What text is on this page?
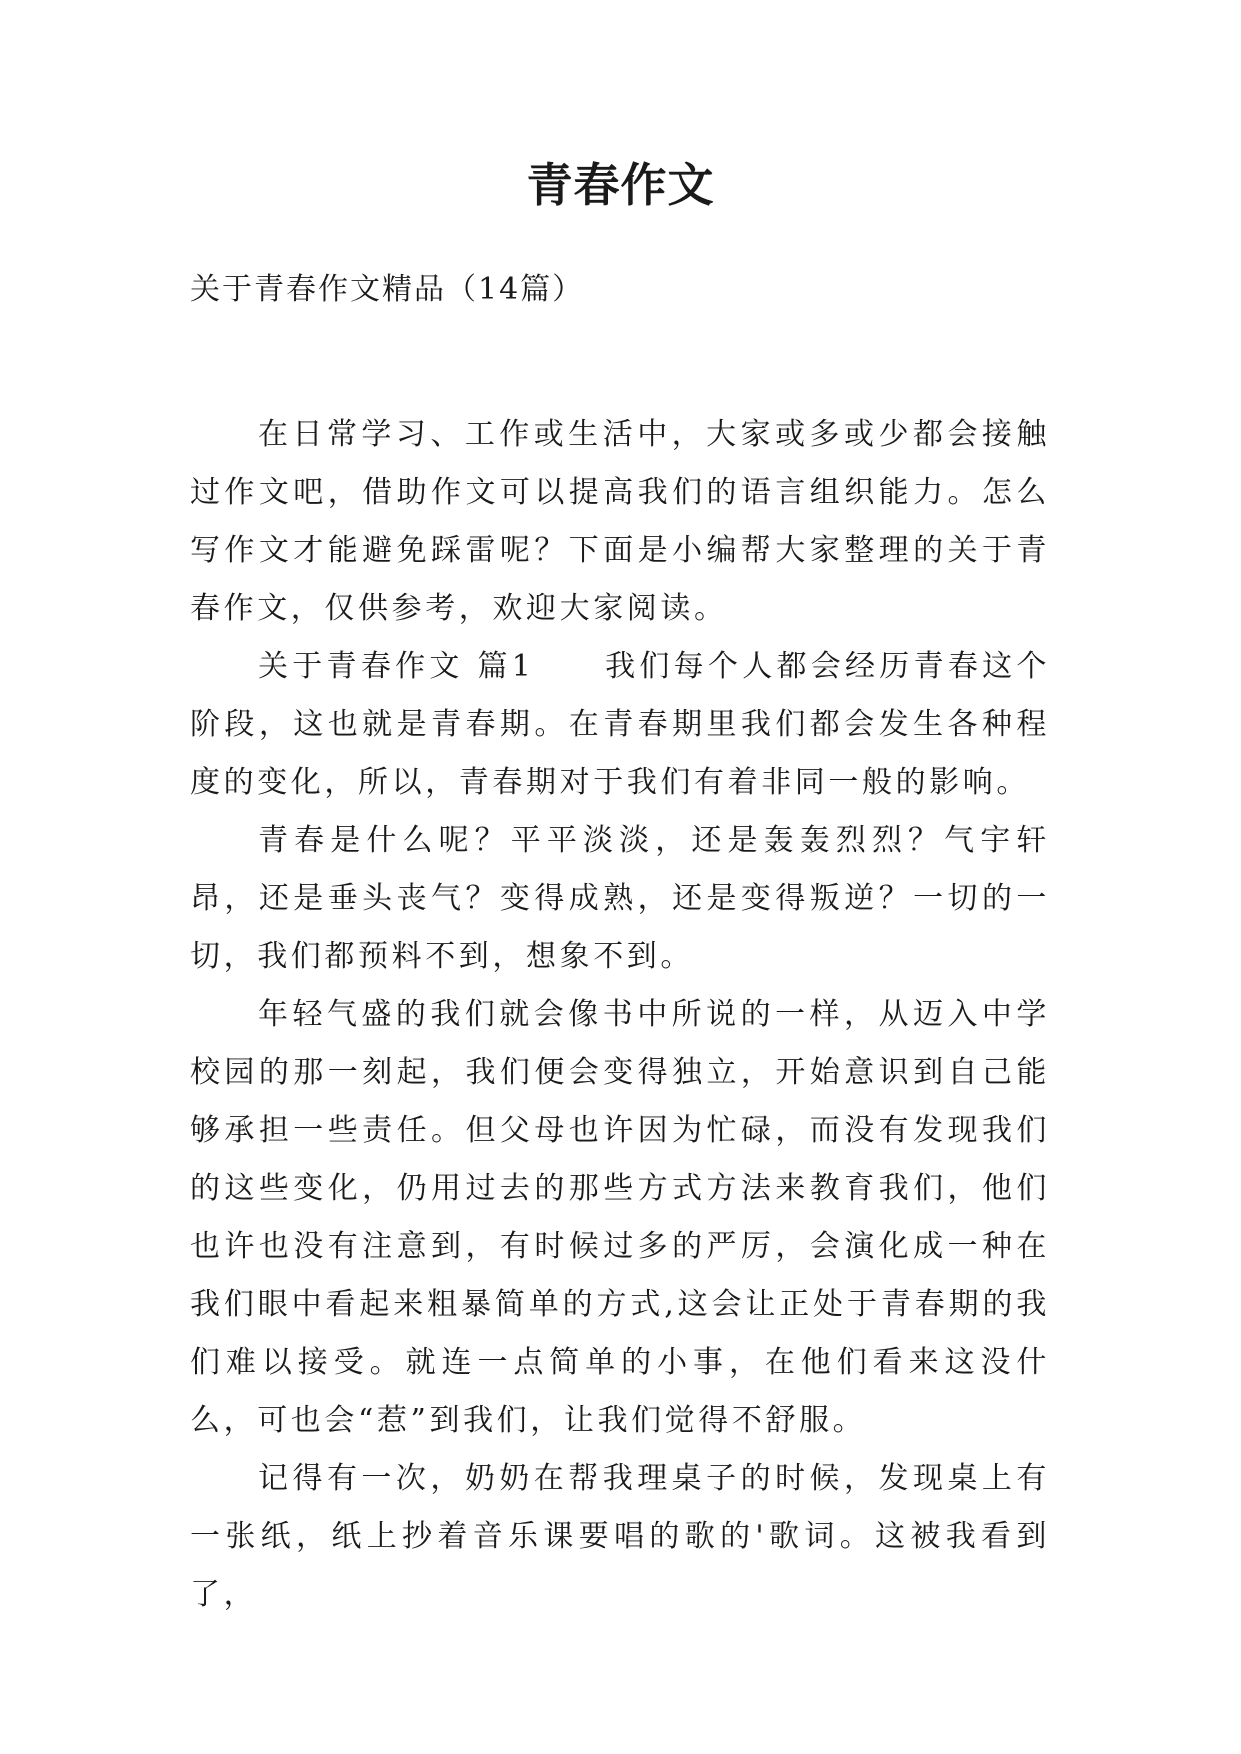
青春作文

关于青春作文精品（14篇）

在日常学习、工作或生活中，大家或多或少都会接触过作文吧，借助作文可以提高我们的语言组织能力。怎么写作文才能避免踩雷呢？下面是小编帮大家整理的关于青春作文，仅供参考，欢迎大家阅读。

关于青春作文 篇1 我们每个人都会经历青春这个阶段，这也就是青春期。在青春期里我们都会发生各种程度的变化，所以，青春期对于我们有着非同一般的影响。

青春是什么呢？平平淡淡，还是轰轰烈烈？气宇轩昂，还是垂头丧气？变得成熟，还是变得叛逆？一切的一切，我们都预料不到，想象不到。

年轻气盛的我们就会像书中所说的一样，从迈入中学校园的那一刻起，我们便会变得独立，开始意识到自己能够承担一些责任。但父母也许因为忙碌，而没有发现我们的这些变化，仍用过去的那些方式方法来教育我们，他们也许也没有注意到，有时候过多的严厉，会演化成一种在我们眼中看起来粗暴简单的方式,这会让正处于青春期的我们难以接受。就连一点简单的小事，在他们看来这没什么，可也会“惹”到我们，让我们觉得不舒服。

记得有一次，奶奶在帮我理桌子的时候，发现桌上有一张纸，纸上抄着音乐课要唱的歌的'歌词。这被我看到了，
